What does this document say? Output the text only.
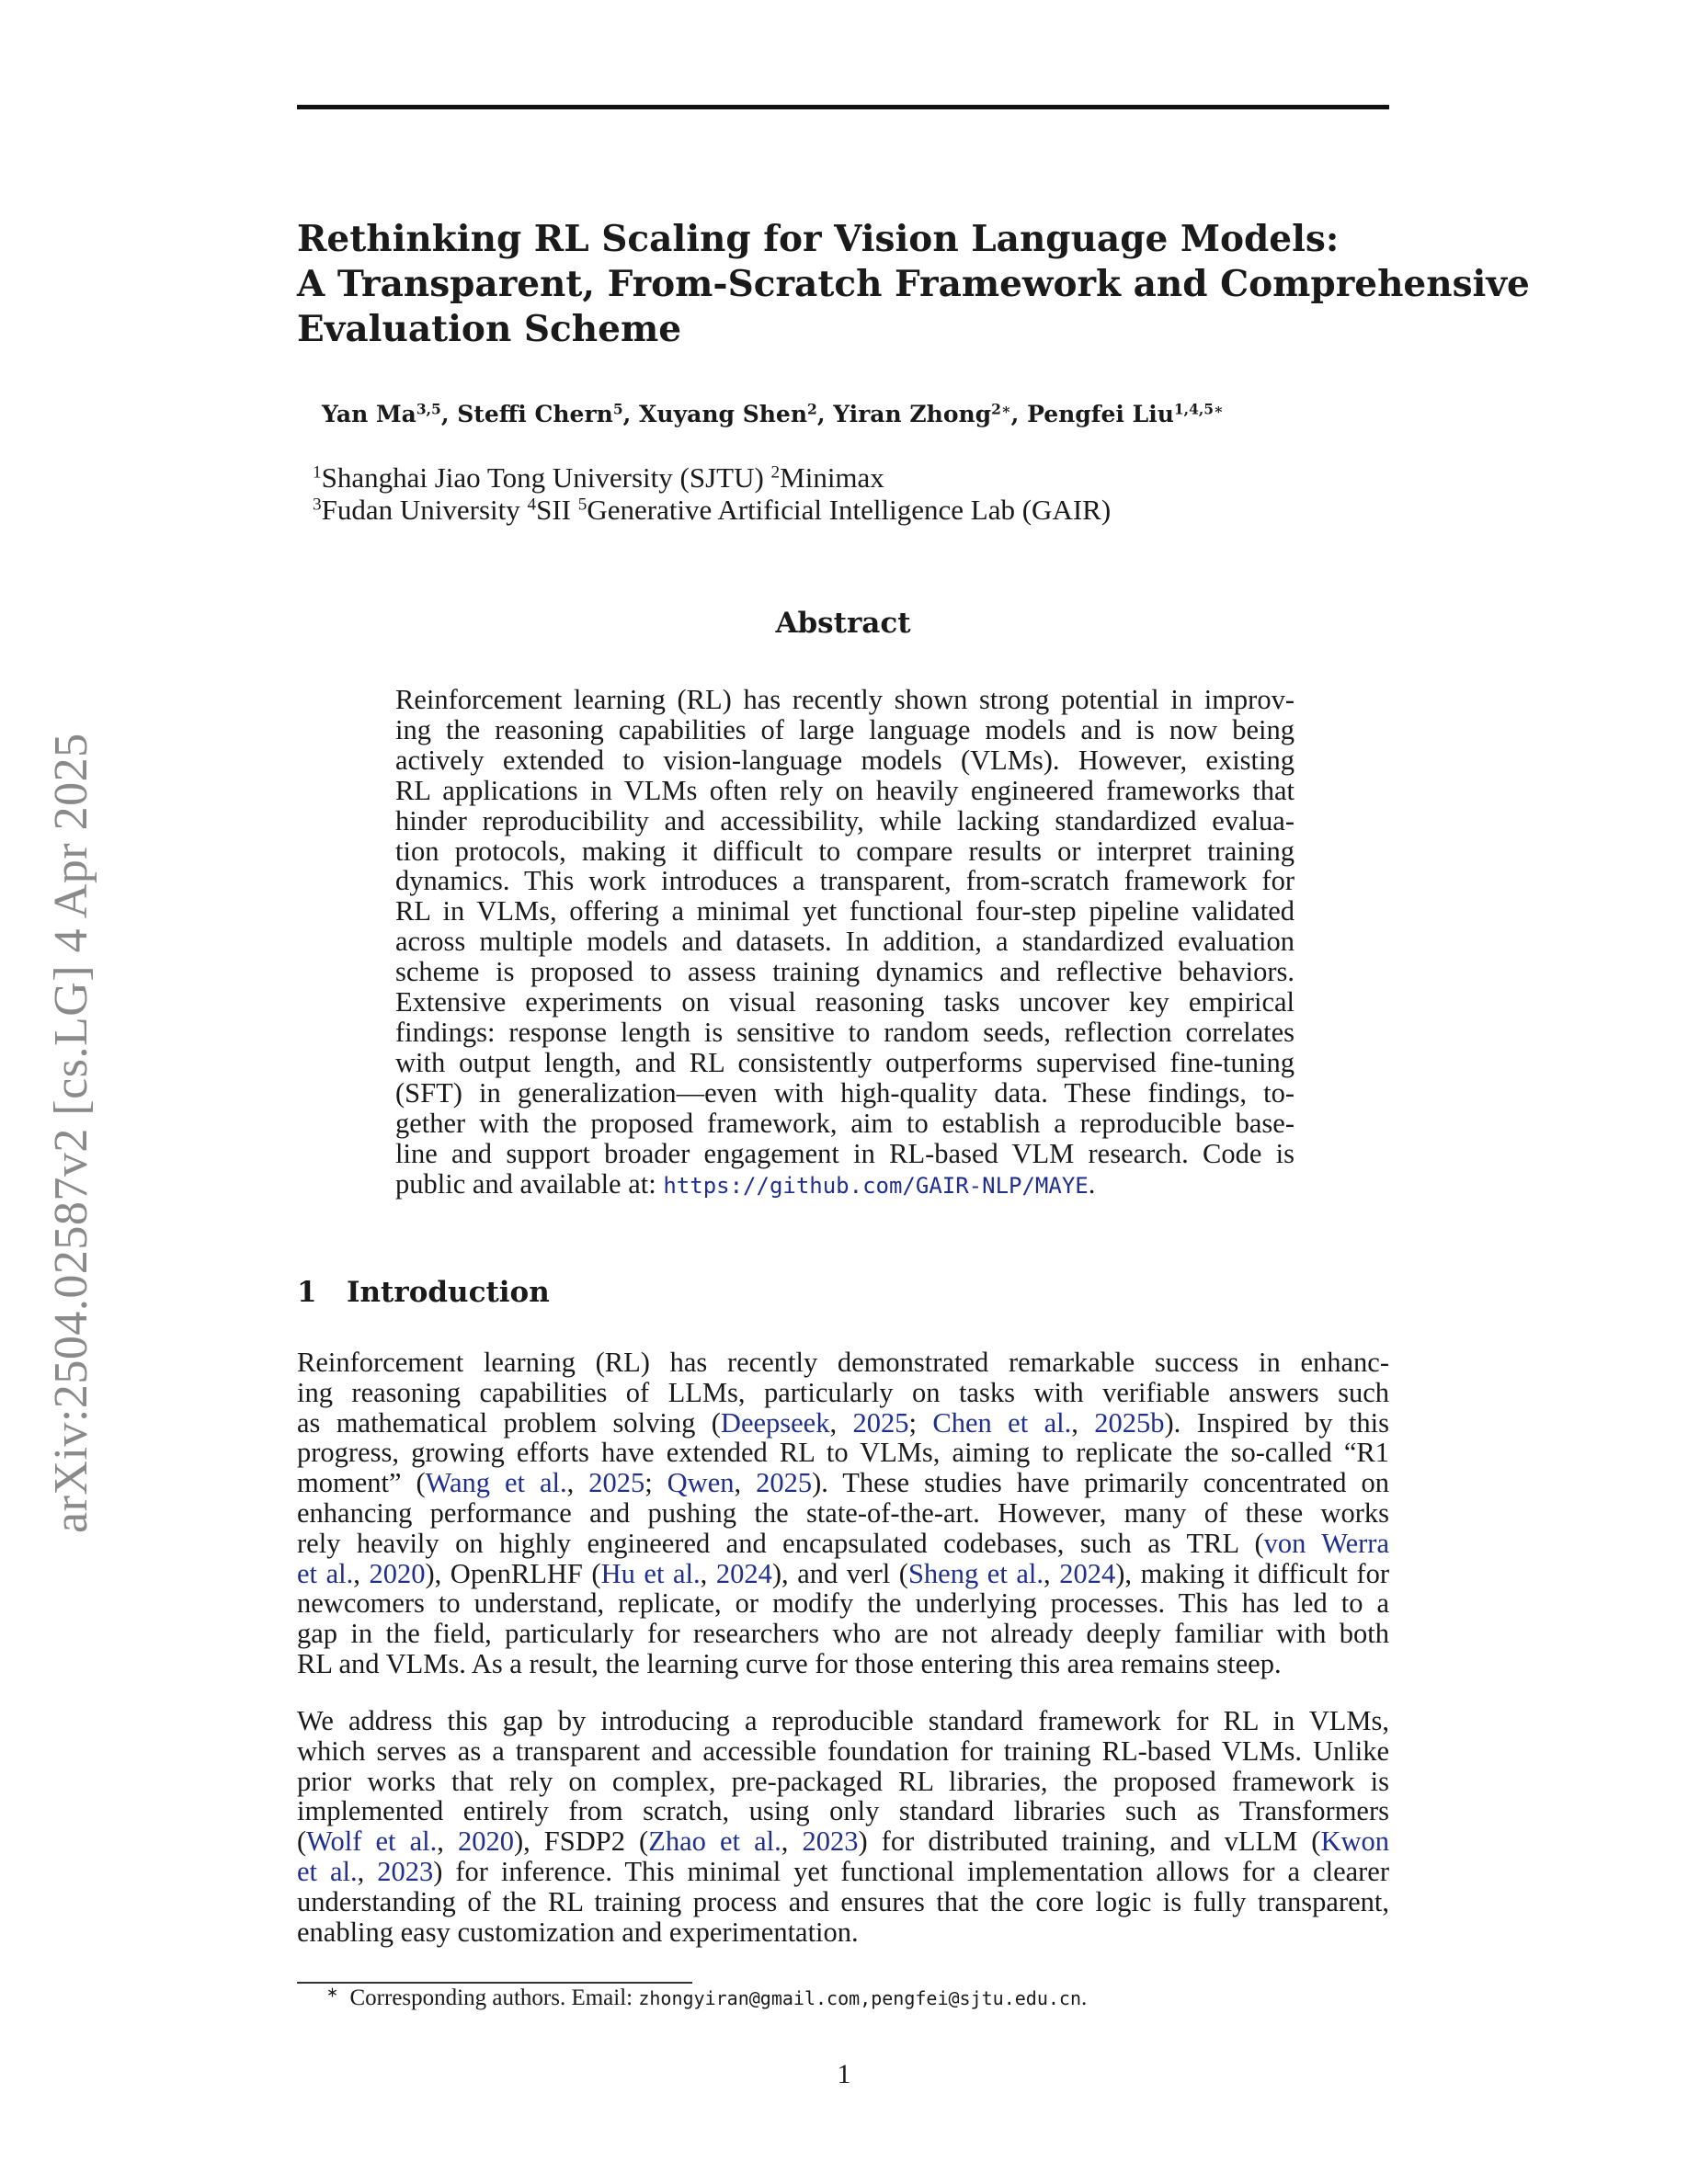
arXiv:2504.02587v2 [cs.LG] 4 Apr 2025
Rethinking RL Scaling for Vision Language Models:
A Transparent, From-Scratch Framework and Comprehensive
Evaluation Scheme
Yan Ma$^{3,5}$, Steffi Chern$^5$, Xuyang Shen$^2$, Yiran Zhong$^{2∗}$, Pengfei Liu$^{1,4,5∗}$
$^1$Shanghai Jiao Tong University (SJTU) $^2$Minimax
$^3$Fudan University $^4$SII $^5$Generative Artificial Intelligence Lab (GAIR)
Abstract
Reinforcement learning (RL) has recently shown strong potential in improv-
ing the reasoning capabilities of large language models and is now being
actively extended to vision-language models (VLMs). However, existing
RL applications in VLMs often rely on heavily engineered frameworks that
hinder reproducibility and accessibility, while lacking standardized evalua-
tion protocols, making it difficult to compare results or interpret training
dynamics. This work introduces a transparent, from-scratch framework for
RL in VLMs, offering a minimal yet functional four-step pipeline validated
across multiple models and datasets. In addition, a standardized evaluation
scheme is proposed to assess training dynamics and reflective behaviors.
Extensive experiments on visual reasoning tasks uncover key empirical
findings: response length is sensitive to random seeds, reflection correlates
with output length, and RL consistently outperforms supervised fine-tuning
(SFT) in generalization—even with high-quality data. These findings, to-
gether with the proposed framework, aim to establish a reproducible base-
line and support broader engagement in RL-based VLM research. Code is
public and available at: https://github.com/GAIR-NLP/MAYE.
1 Introduction
Reinforcement learning (RL) has recently demonstrated remarkable success in enhanc-
ing reasoning capabilities of LLMs, particularly on tasks with verifiable answers such
as mathematical problem solving (Deepseek, 2025; Chen et al., 2025b). Inspired by this
progress, growing efforts have extended RL to VLMs, aiming to replicate the so-called “R1
moment” (Wang et al., 2025; Qwen, 2025). These studies have primarily concentrated on
enhancing performance and pushing the state-of-the-art. However, many of these works
rely heavily on highly engineered and encapsulated codebases, such as TRL (von Werra
et al., 2020), OpenRLHF (Hu et al., 2024), and verl (Sheng et al., 2024), making it difficult for
newcomers to understand, replicate, or modify the underlying processes. This has led to a
gap in the field, particularly for researchers who are not already deeply familiar with both
RL and VLMs. As a result, the learning curve for those entering this area remains steep.
We address this gap by introducing a reproducible standard framework for RL in VLMs,
which serves as a transparent and accessible foundation for training RL-based VLMs. Unlike
prior works that rely on complex, pre-packaged RL libraries, the proposed framework is
implemented entirely from scratch, using only standard libraries such as Transformers
(Wolf et al., 2020), FSDP2 (Zhao et al., 2023) for distributed training, and vLLM (Kwon
et al., 2023) for inference. This minimal yet functional implementation allows for a clearer
understanding of the RL training process and ensures that the core logic is fully transparent,
enabling easy customization and experimentation.
∗ Corresponding authors. Email: zhongyiran@gmail.com,pengfei@sjtu.edu.cn.
1
